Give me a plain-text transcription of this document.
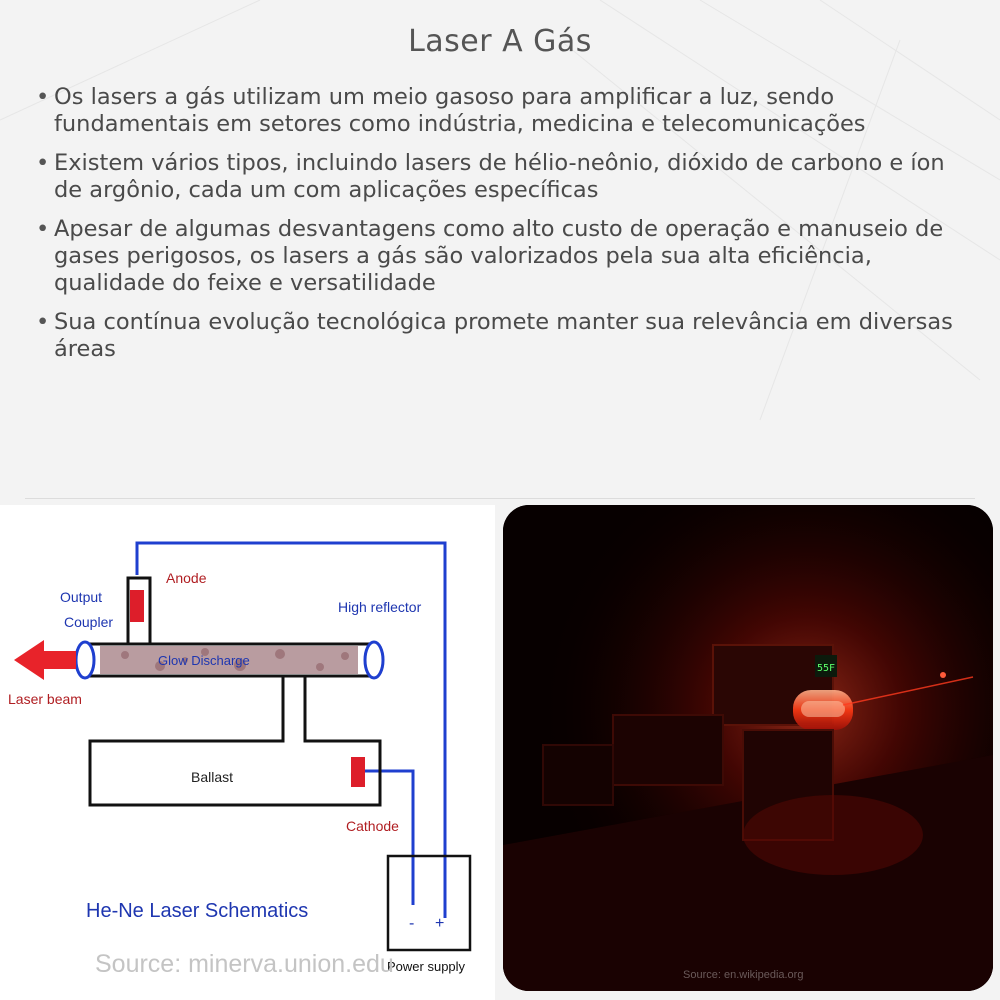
Laser A Gás
• Os lasers a gás utilizam um meio gasoso para amplificar a luz, sendo fundamentais em setores como indústria, medicina e telecomunicações
• Existem vários tipos, incluindo lasers de hélio-neônio, dióxido de carbono e íon de argônio, cada um com aplicações específicas
• Apesar de algumas desvantagens como alto custo de operação e manuseio de gases perigosos, os lasers a gás são valorizados pela sua alta eficiência, qualidade do feixe e versatilidade
• Sua contínua evolução tecnológica promete manter sua relevância em diversas áreas
Anode
Output
Coupler
High reflector
Glow Discharge
Laser beam
Ballast
Cathode
- +
Power supply
He-Ne Laser Schematics
Source: minerva.union.edu
55F
Source: en.wikipedia.org
